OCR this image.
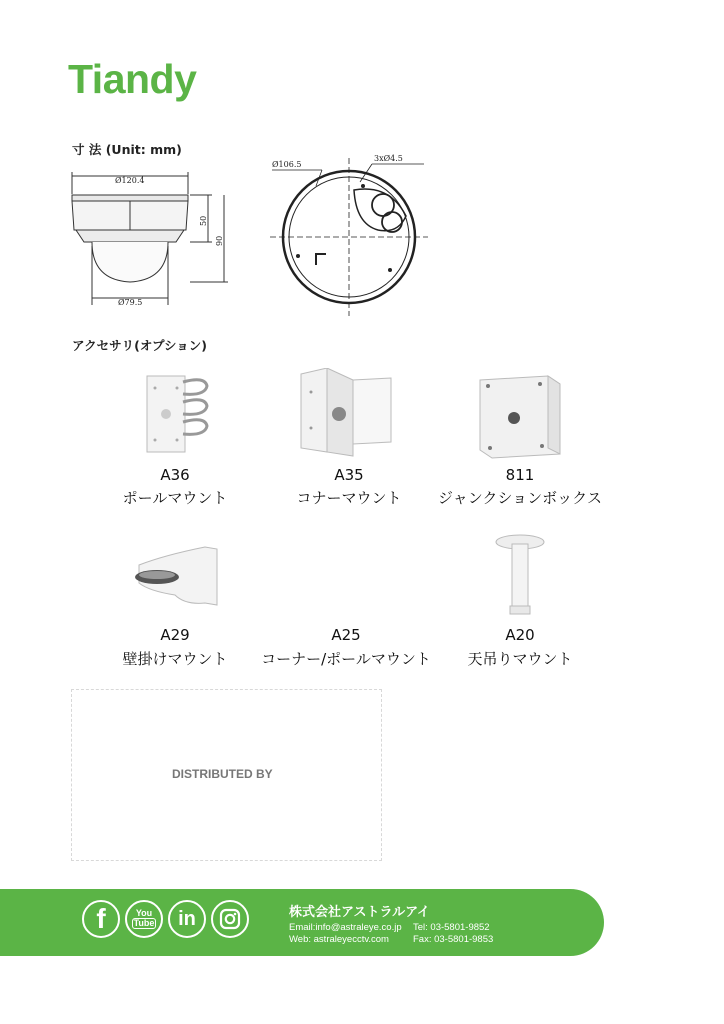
Tiandy
寸 法 (Unit: mm)
Ø120.4
Ø79.5
50
90
Ø106.5
3xØ4.5
アクセサリ(オプション)
A36
ポールマウント
A35
コナーマウント
811
ジャンクションボックス
A29
壁掛けマウント
A25
コーナー/ポールマウント
A20
天吊りマウント
DISTRIBUTED BY
f	You
Tube	in	株式会社アストラルアイ
Email:info@astraleye.co.jp
Web: astraleyecctv.com
Tel: 03-5801-9852
Fax: 03-5801-9853
